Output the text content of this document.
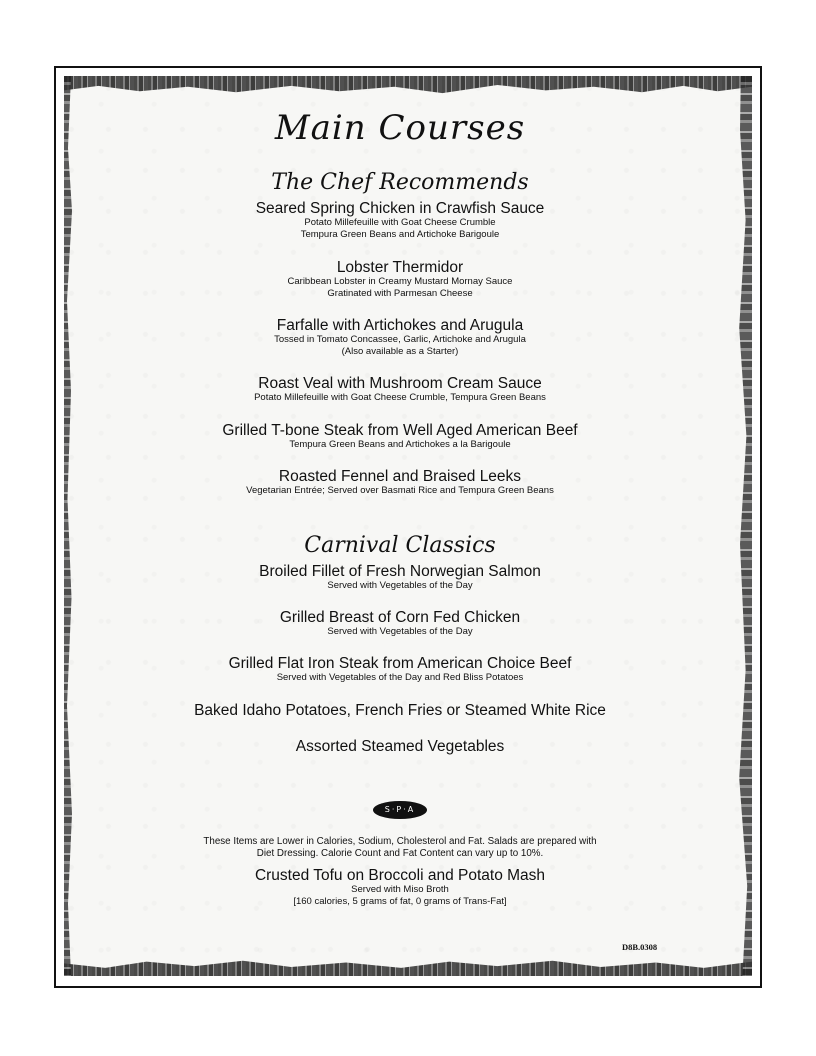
Main Courses
The Chef Recommends
Seared Spring Chicken in Crawfish Sauce
Potato Millefeuille with Goat Cheese Crumble
Tempura Green Beans and Artichoke Barigoule
Lobster Thermidor
Caribbean Lobster in Creamy Mustard Mornay Sauce
Gratinated with Parmesan Cheese
Farfalle with Artichokes and Arugula
Tossed in Tomato Concassee, Garlic, Artichoke and Arugula
(Also available as a Starter)
Roast Veal with Mushroom Cream Sauce
Potato Millefeuille with Goat Cheese Crumble, Tempura Green Beans
Grilled T-bone Steak from Well Aged American Beef
Tempura Green Beans and Artichokes a la Barigoule
Roasted Fennel and Braised Leeks
Vegetarian Entrée; Served over Basmati Rice and Tempura Green Beans
Carnival Classics
Broiled Fillet of Fresh Norwegian Salmon
Served with Vegetables of the Day
Grilled Breast of Corn Fed Chicken
Served with Vegetables of the Day
Grilled Flat Iron Steak from American Choice Beef
Served with Vegetables of the Day and Red Bliss Potatoes
Baked Idaho Potatoes, French Fries or Steamed White Rice
Assorted Steamed Vegetables
S·P·A
These Items are Lower in Calories, Sodium, Cholesterol and Fat. Salads are prepared with
Diet Dressing. Calorie Count and Fat Content can vary up to 10%.
Crusted Tofu on Broccoli and Potato Mash
Served with Miso Broth
[160 calories, 5 grams of fat, 0 grams of Trans-Fat]
D8B.0308
